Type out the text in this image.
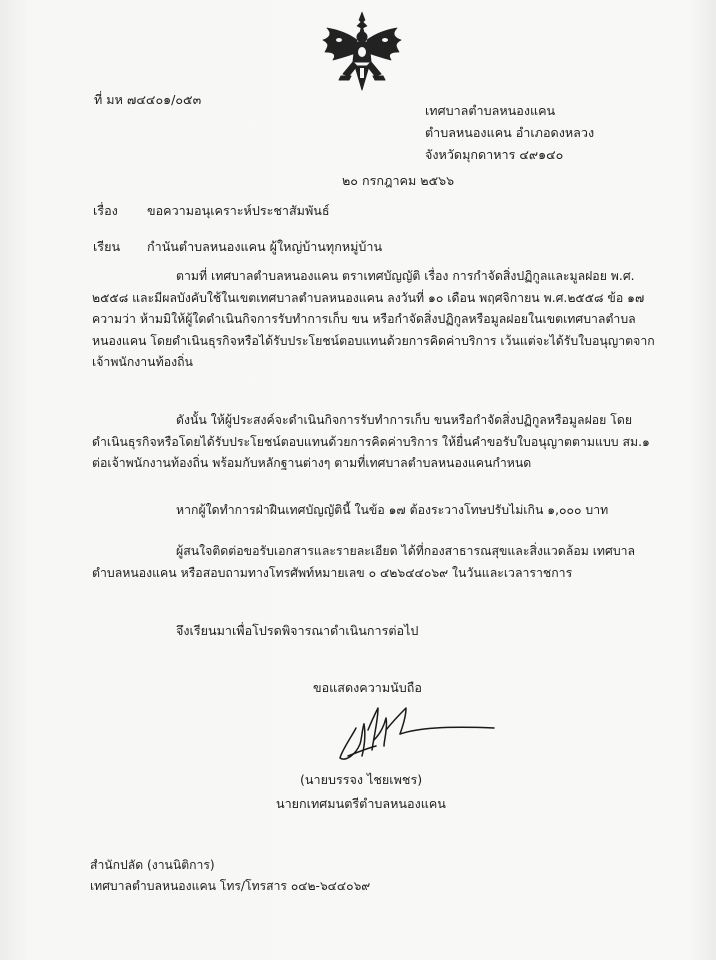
ที่ มห ๗๔๔๐๑/๐๕๓
เทศบาลตำบลหนองแคน
ตำบลหนองแคน อำเภอดงหลวง
จังหวัดมุกดาหาร ๔๙๑๔๐
๒๐ กรกฎาคม ๒๕๖๖
เรื่อง ขอความอนุเคราะห์ประชาสัมพันธ์
เรียน กำนันตำบลหนองแคน ผู้ใหญ่บ้านทุกหมู่บ้าน
ตามที่ เทศบาลตำบลหนองแคน ตราเทศบัญญัติ เรื่อง การกำจัดสิ่งปฏิกูลและมูลฝอย พ.ศ.
๒๕๕๘ และมีผลบังคับใช้ในเขตเทศบาลตำบลหนองแคน ลงวันที่ ๑๐ เดือน พฤศจิกายน พ.ศ.๒๕๕๘ ข้อ ๑๗
ความว่า ห้ามมิให้ผู้ใดดำเนินกิจการรับทำการเก็บ ขน หรือกำจัดสิ่งปฏิกูลหรือมูลฝอยในเขตเทศบาลตำบล
หนองแคน โดยดำเนินธุรกิจหรือได้รับประโยชน์ตอบแทนด้วยการคิดค่าบริการ เว้นแต่จะได้รับใบอนุญาตจาก
เจ้าพนักงานท้องถิ่น
ดังนั้น ให้ผู้ประสงค์จะดำเนินกิจการรับทำการเก็บ ขนหรือกำจัดสิ่งปฏิกูลหรือมูลฝอย โดย
ดำเนินธุรกิจหรือโดยได้รับประโยชน์ตอบแทนด้วยการคิดค่าบริการ ให้ยื่นคำขอรับใบอนุญาตตามแบบ สม.๑
ต่อเจ้าพนักงานท้องถิ่น พร้อมกับหลักฐานต่างๆ ตามที่เทศบาลตำบลหนองแคนกำหนด
หากผู้ใดทำการฝ่าฝืนเทศบัญญัตินี้ ในข้อ ๑๗ ต้องระวางโทษปรับไม่เกิน ๑,๐๐๐ บาท
ผู้สนใจติดต่อขอรับเอกสารและรายละเอียด ได้ที่กองสาธารณสุขและสิ่งแวดล้อม เทศบาล
ตำบลหนองแคน หรือสอบถามทางโทรศัพท์หมายเลข ๐ ๔๒๖๔๔๐๖๙ ในวันและเวลาราชการ
จึงเรียนมาเพื่อโปรดพิจารณาดำเนินการต่อไป
ขอแสดงความนับถือ
(นายบรรจง ไชยเพชร)
นายกเทศมนตรีตำบลหนองแคน
สำนักปลัด (งานนิติการ)
เทศบาลตำบลหนองแคน โทร/โทรสาร ๐๔๒-๖๔๔๐๖๙
